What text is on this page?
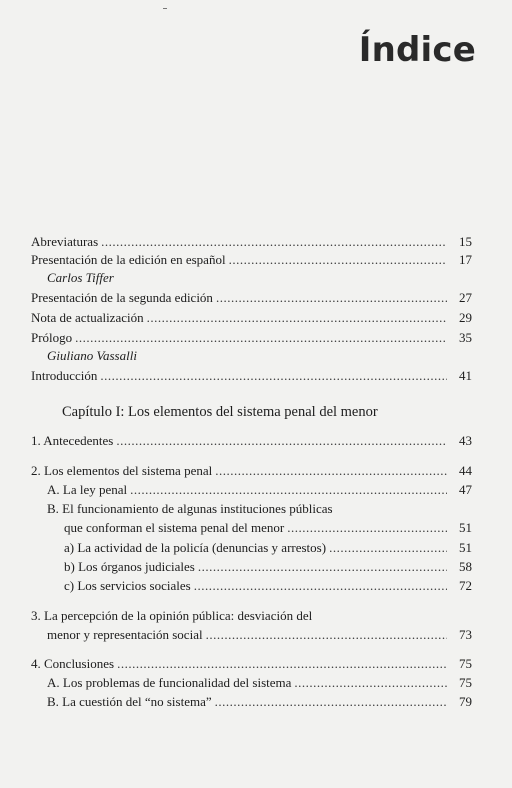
Índice
Abreviaturas .....	15
Presentación de la edición en español .....	17
Carlos Tiffer
Presentación de la segunda edición .....	27
Nota de actualización .....	29
Prólogo .....	35
Giuliano Vassalli
Introducción .....	41
Capítulo I: Los elementos del sistema penal del menor
1. Antecedentes .....	43
2. Los elementos del sistema penal .....	44
A. La ley penal .....	47
B. El funcionamiento de algunas instituciones públicas
que conforman el sistema penal del menor .....	51
a) La actividad de la policía (denuncias y arrestos) .....	51
b) Los órganos judiciales .....	58
c) Los servicios sociales .....	72
3. La percepción de la opinión pública: desviación del
menor y representación social .....	73
4. Conclusiones .....	75
A. Los problemas de funcionalidad del sistema .....	75
B. La cuestión del “no sistema” .....	79
